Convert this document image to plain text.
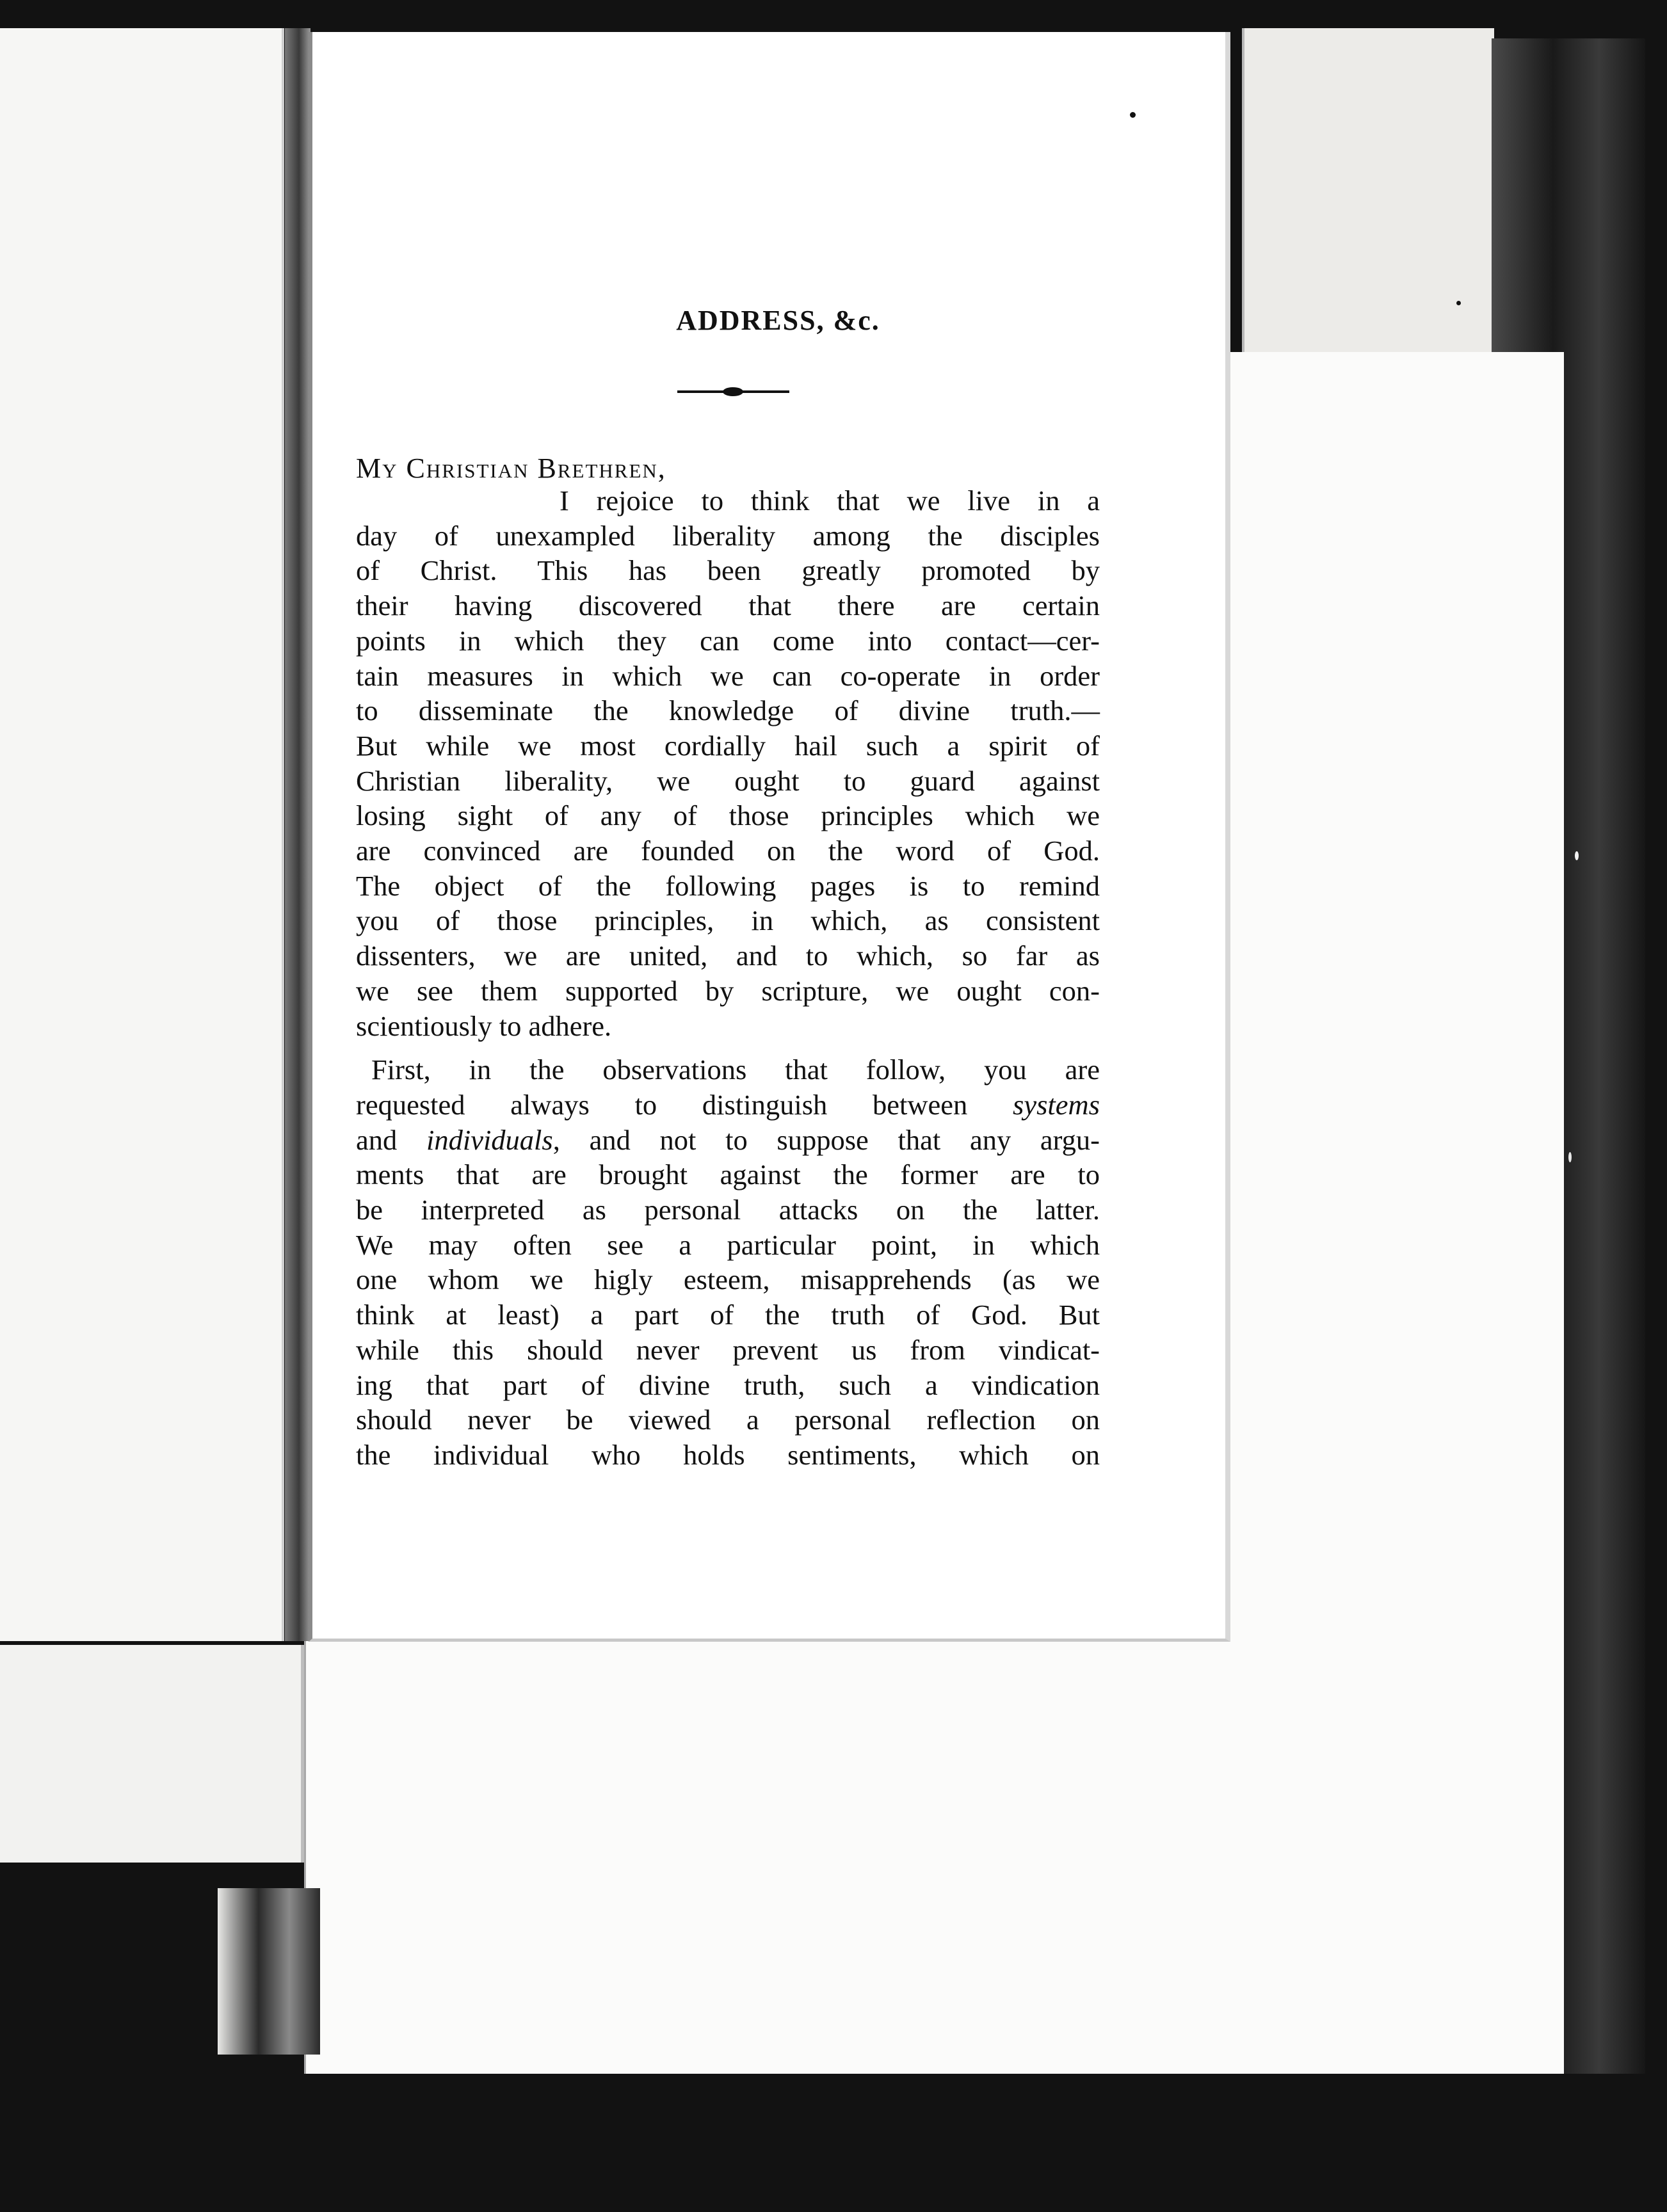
ADDRESS, &c.
My Christian Brethren,
I rejoice to think that we live in a
day of unexampled liberality among the disciples
of Christ. This has been greatly promoted by
their having discovered that there are certain
points in which they can come into contact—cer-
tain measures in which we can co-operate in order
to disseminate the knowledge of divine truth.—
But while we most cordially hail such a spirit of
Christian liberality, we ought to guard against
losing sight of any of those principles which we
are convinced are founded on the word of God.
The object of the following pages is to remind
you of those principles, in which, as consistent
dissenters, we are united, and to which, so far as
we see them supported by scripture, we ought con-
scientiously to adhere.
First, in the observations that follow, you are
requested always to distinguish between systems
and individuals, and not to suppose that any argu-
ments that are brought against the former are to
be interpreted as personal attacks on the latter.
We may often see a particular point, in which
one whom we higly esteem, misapprehends (as we
think at least) a part of the truth of God. But
while this should never prevent us from vindicat-
ing that part of divine truth, such a vindication
should never be viewed a personal reflection on
the individual who holds sentiments, which on
